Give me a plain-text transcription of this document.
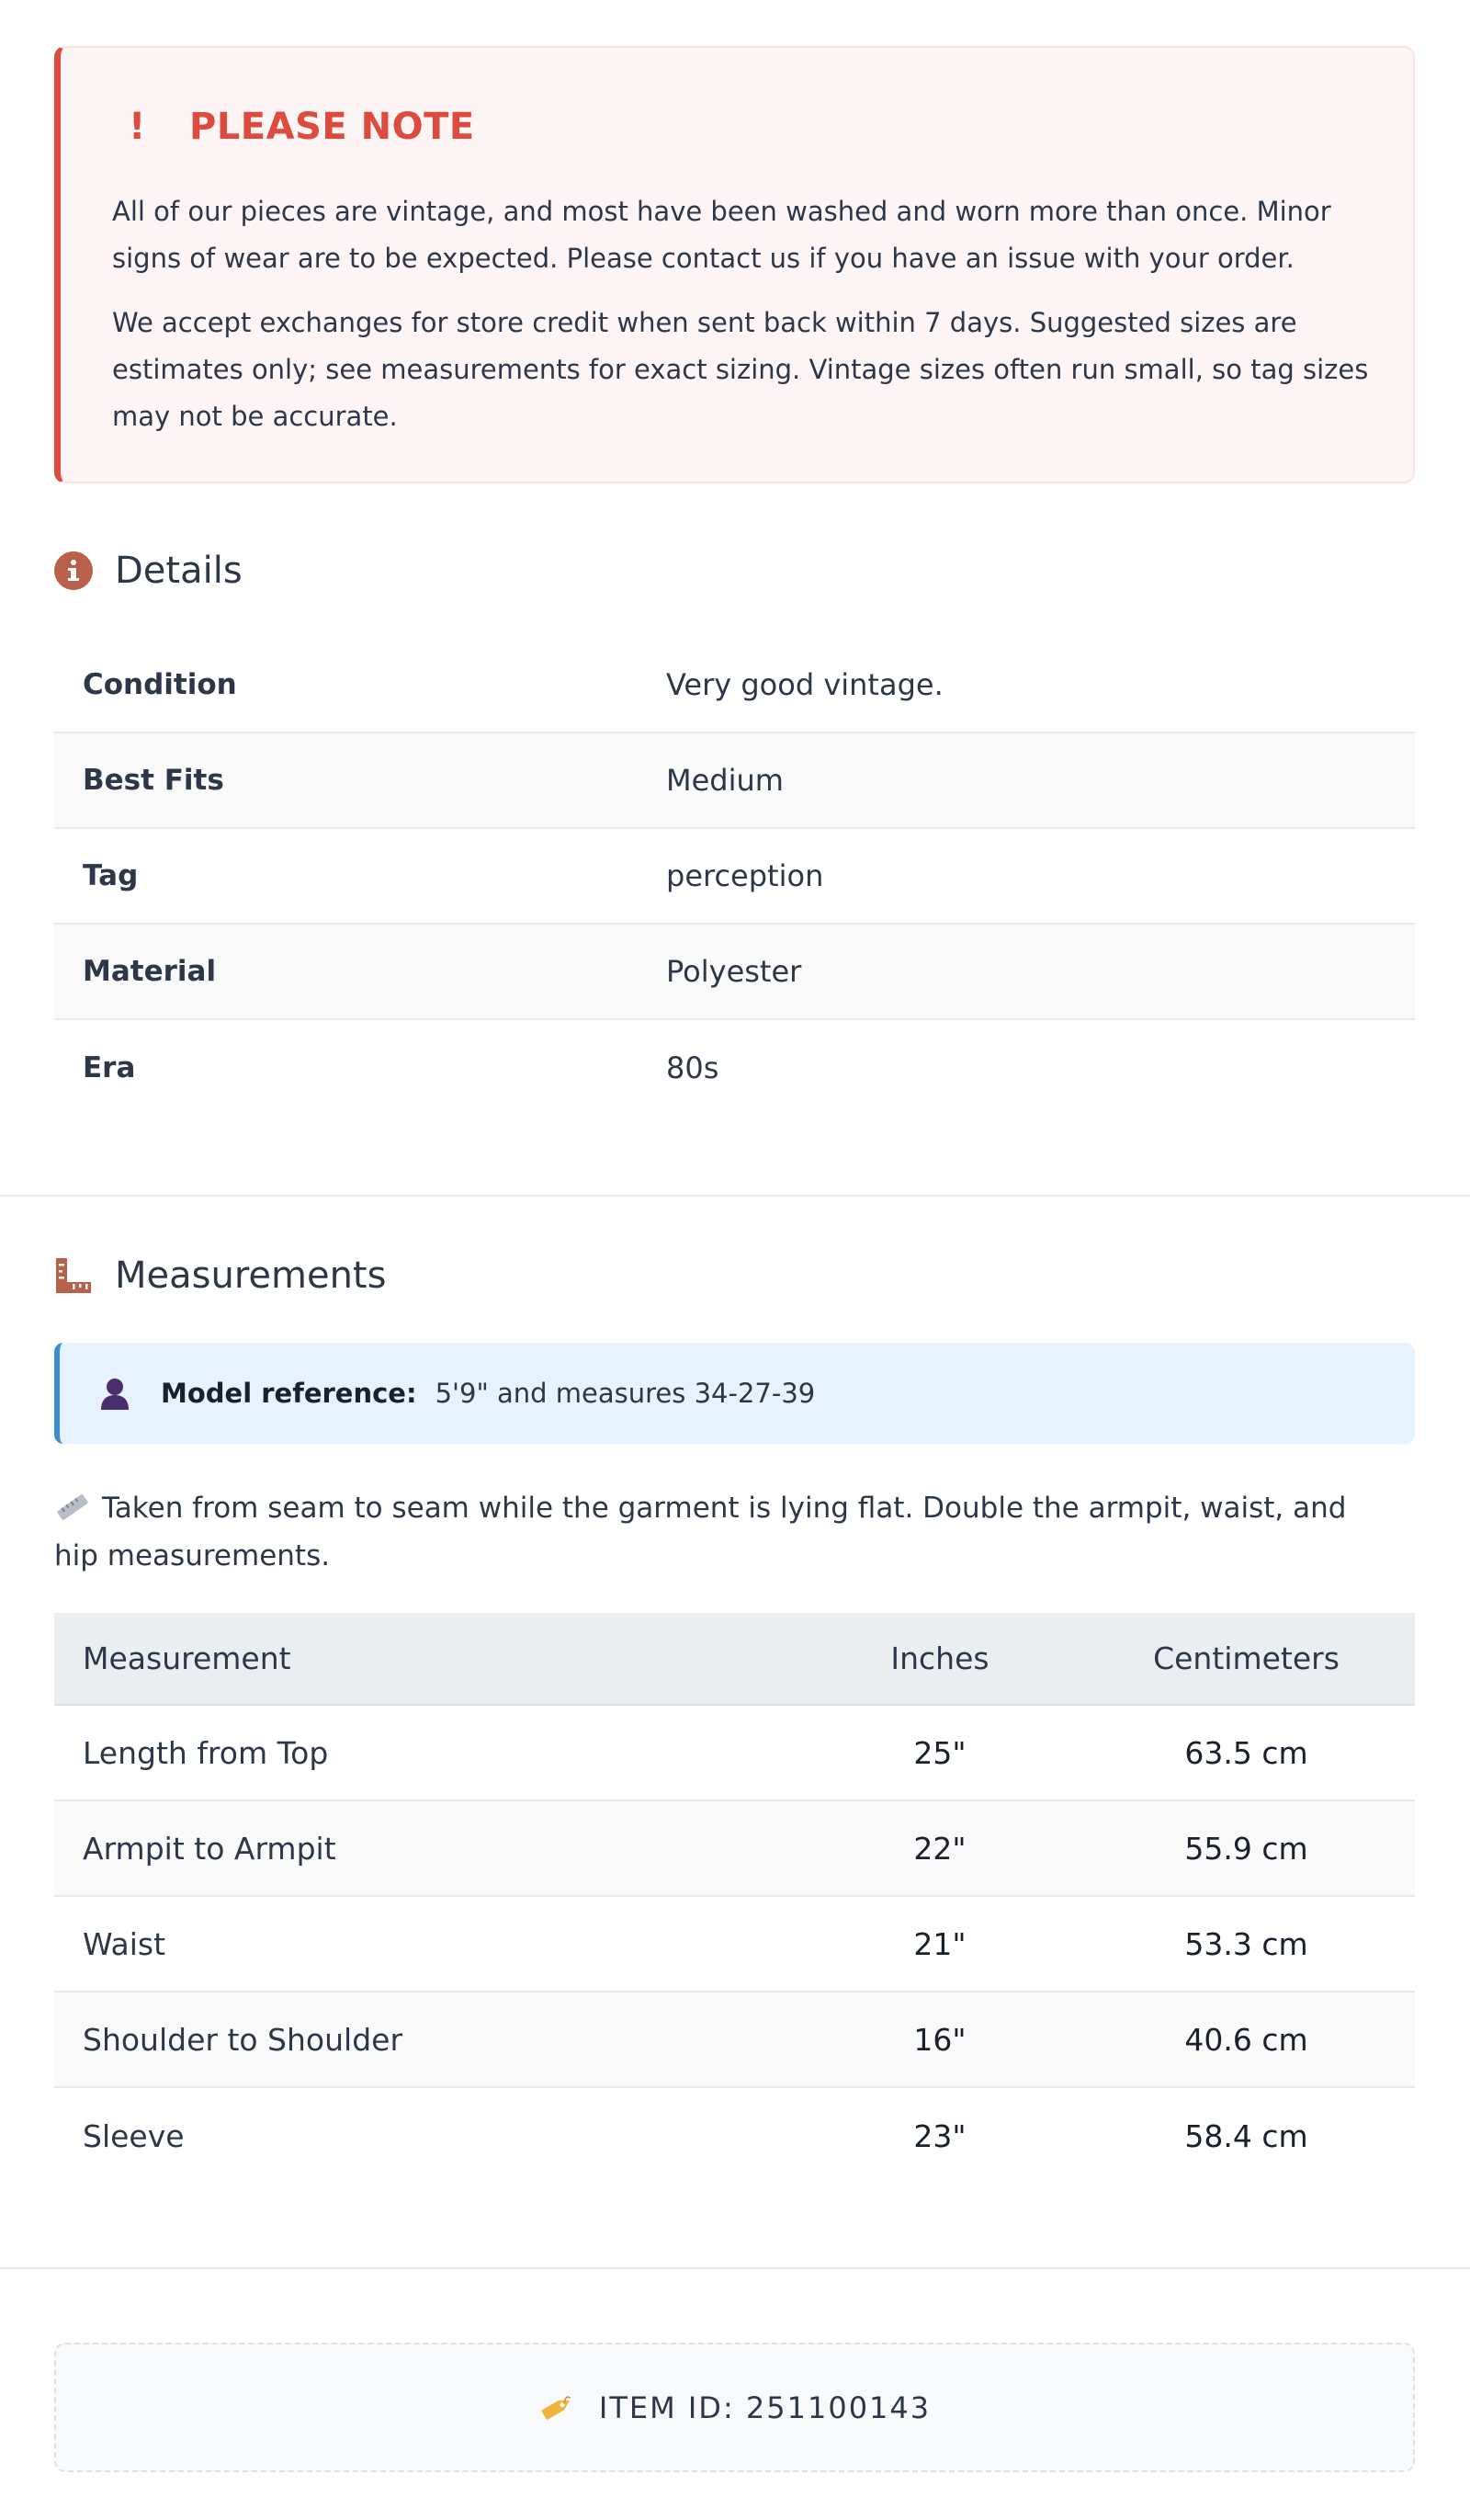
!	PLEASE NOTE

All of our pieces are vintage, and most have been washed and worn more than once. Minor signs of wear are to be expected. Please contact us if you have an issue with your order.

We accept exchanges for store credit when sent back within 7 days. Suggested sizes are estimates only; see measurements for exact sizing. Vintage sizes often run small, so tag sizes may not be accurate.

Details
Condition	Very good vintage.
Best Fits	Medium
Tag	perception
Material	Polyester
Era	80s
Measurements
Model reference: 5'9" and measures 34-27-39
Taken from seam to seam while the garment is lying flat. Double the armpit, waist, and hip measurements.
Measurement	Inches	Centimeters
Length from Top	25"	63.5 cm
Armpit to Armpit	22"	55.9 cm
Waist	21"	53.3 cm
Shoulder to Shoulder	16"	40.6 cm
Sleeve	23"	58.4 cm
ITEM ID: 251100143
